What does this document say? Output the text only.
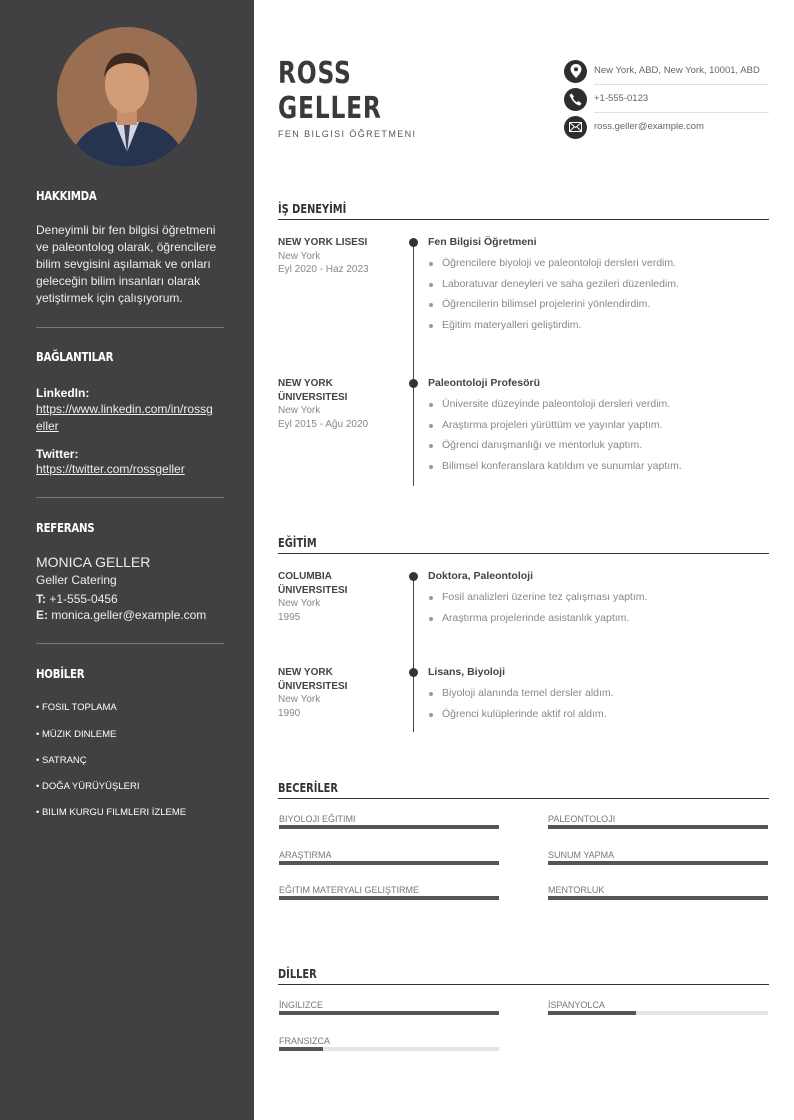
HAKKIMDA
Deneyimli bir fen bilgisi öğretmeni ve paleontolog olarak, öğrencilere bilim sevgisini aşılamak ve onları geleceğin bilim insanları olarak yetiştirmek için çalışıyorum.
BAĞLANTILAR
LinkedIn:
https://www.linkedin.com/in/rossgeller
Twitter:
https://twitter.com/rossgeller
REFERANS
MONICA GELLER
Geller Catering
T: +1-555-0456
E: monica.geller@example.com
HOBİLER
• FOSIL TOPLAMA
• MÜZIK DINLEME
• SATRANÇ
• DOĞA YÜRÜYÜŞLERI
• BILIM KURGU FILMLERI İZLEME
ROSS
GELLER
FEN BILGISI ÖĞRETMENI
New York, ABD, New York, 10001, ABD
+1-555-0123
ross.geller@example.com
İŞ DENEYİMİ
NEW YORK LISESI
New York
Eyl 2020 - Haz 2023
Fen Bilgisi Öğretmeni
Öğrencilere biyoloji ve paleontoloji dersleri verdim.
Laboratuvar deneyleri ve saha gezileri düzenledim.
Öğrencilerin bilimsel projelerini yönlendirdim.
Eğitim materyalleri geliştirdim.
NEW YORK ÜNIVERSITESI
New York
Eyl 2015 - Ağu 2020
Paleontoloji Profesörü
Üniversite düzeyinde paleontoloji dersleri verdim.
Araştırma projeleri yürüttüm ve yayınlar yaptım.
Öğrenci danışmanlığı ve mentorluk yaptım.
Bilimsel konferanslara katıldım ve sunumlar yaptım.
EĞİTİM
COLUMBIA ÜNIVERSITESI
New York
1995
Doktora, Paleontoloji
Fosil analizleri üzerine tez çalışması yaptım.
Araştırma projelerinde asistanlık yaptım.
NEW YORK ÜNIVERSITESI
New York
1990
Lisans, Biyoloji
Biyoloji alanında temel dersler aldım.
Öğrenci kulüplerinde aktif rol aldım.
BECERİLER
BIYOLOJI EĞITIMI	PALEONTOLOJI
ARAŞTIRMA	SUNUM YAPMA
EĞITIM MATERYALI GELIŞTIRME	MENTORLUK
DİLLER
İNGILIZCE	İSPANYOLCA
FRANSIZCA
